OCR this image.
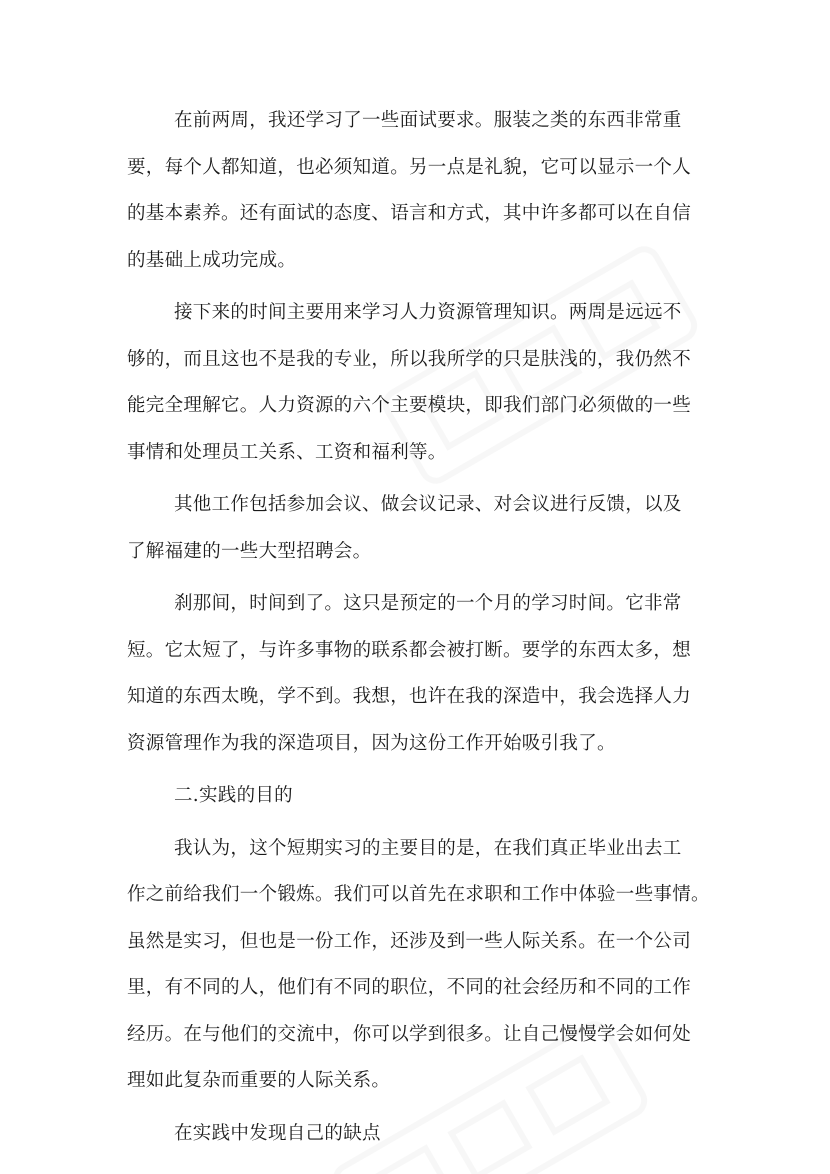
在前两周，我还学习了一些面试要求。服装之类的东西非常重
要，每个人都知道，也必须知道。另一点是礼貌，它可以显示一个人
的基本素养。还有面试的态度、语言和方式，其中许多都可以在自信
的基础上成功完成。

接下来的时间主要用来学习人力资源管理知识。两周是远远不
够的，而且这也不是我的专业，所以我所学的只是肤浅的，我仍然不
能完全理解它。人力资源的六个主要模块，即我们部门必须做的一些
事情和处理员工关系、工资和福利等。

其他工作包括参加会议、做会议记录、对会议进行反馈，以及
了解福建的一些大型招聘会。

刹那间，时间到了。这只是预定的一个月的学习时间。它非常
短。它太短了，与许多事物的联系都会被打断。要学的东西太多，想
知道的东西太晚，学不到。我想，也许在我的深造中，我会选择人力
资源管理作为我的深造项目，因为这份工作开始吸引我了。

二.实践的目的

我认为，这个短期实习的主要目的是，在我们真正毕业出去工
作之前给我们一个锻炼。我们可以首先在求职和工作中体验一些事情。
虽然是实习，但也是一份工作，还涉及到一些人际关系。在一个公司
里，有不同的人，他们有不同的职位，不同的社会经历和不同的工作
经历。在与他们的交流中，你可以学到很多。让自己慢慢学会如何处
理如此复杂而重要的人际关系。

在实践中发现自己的缺点
